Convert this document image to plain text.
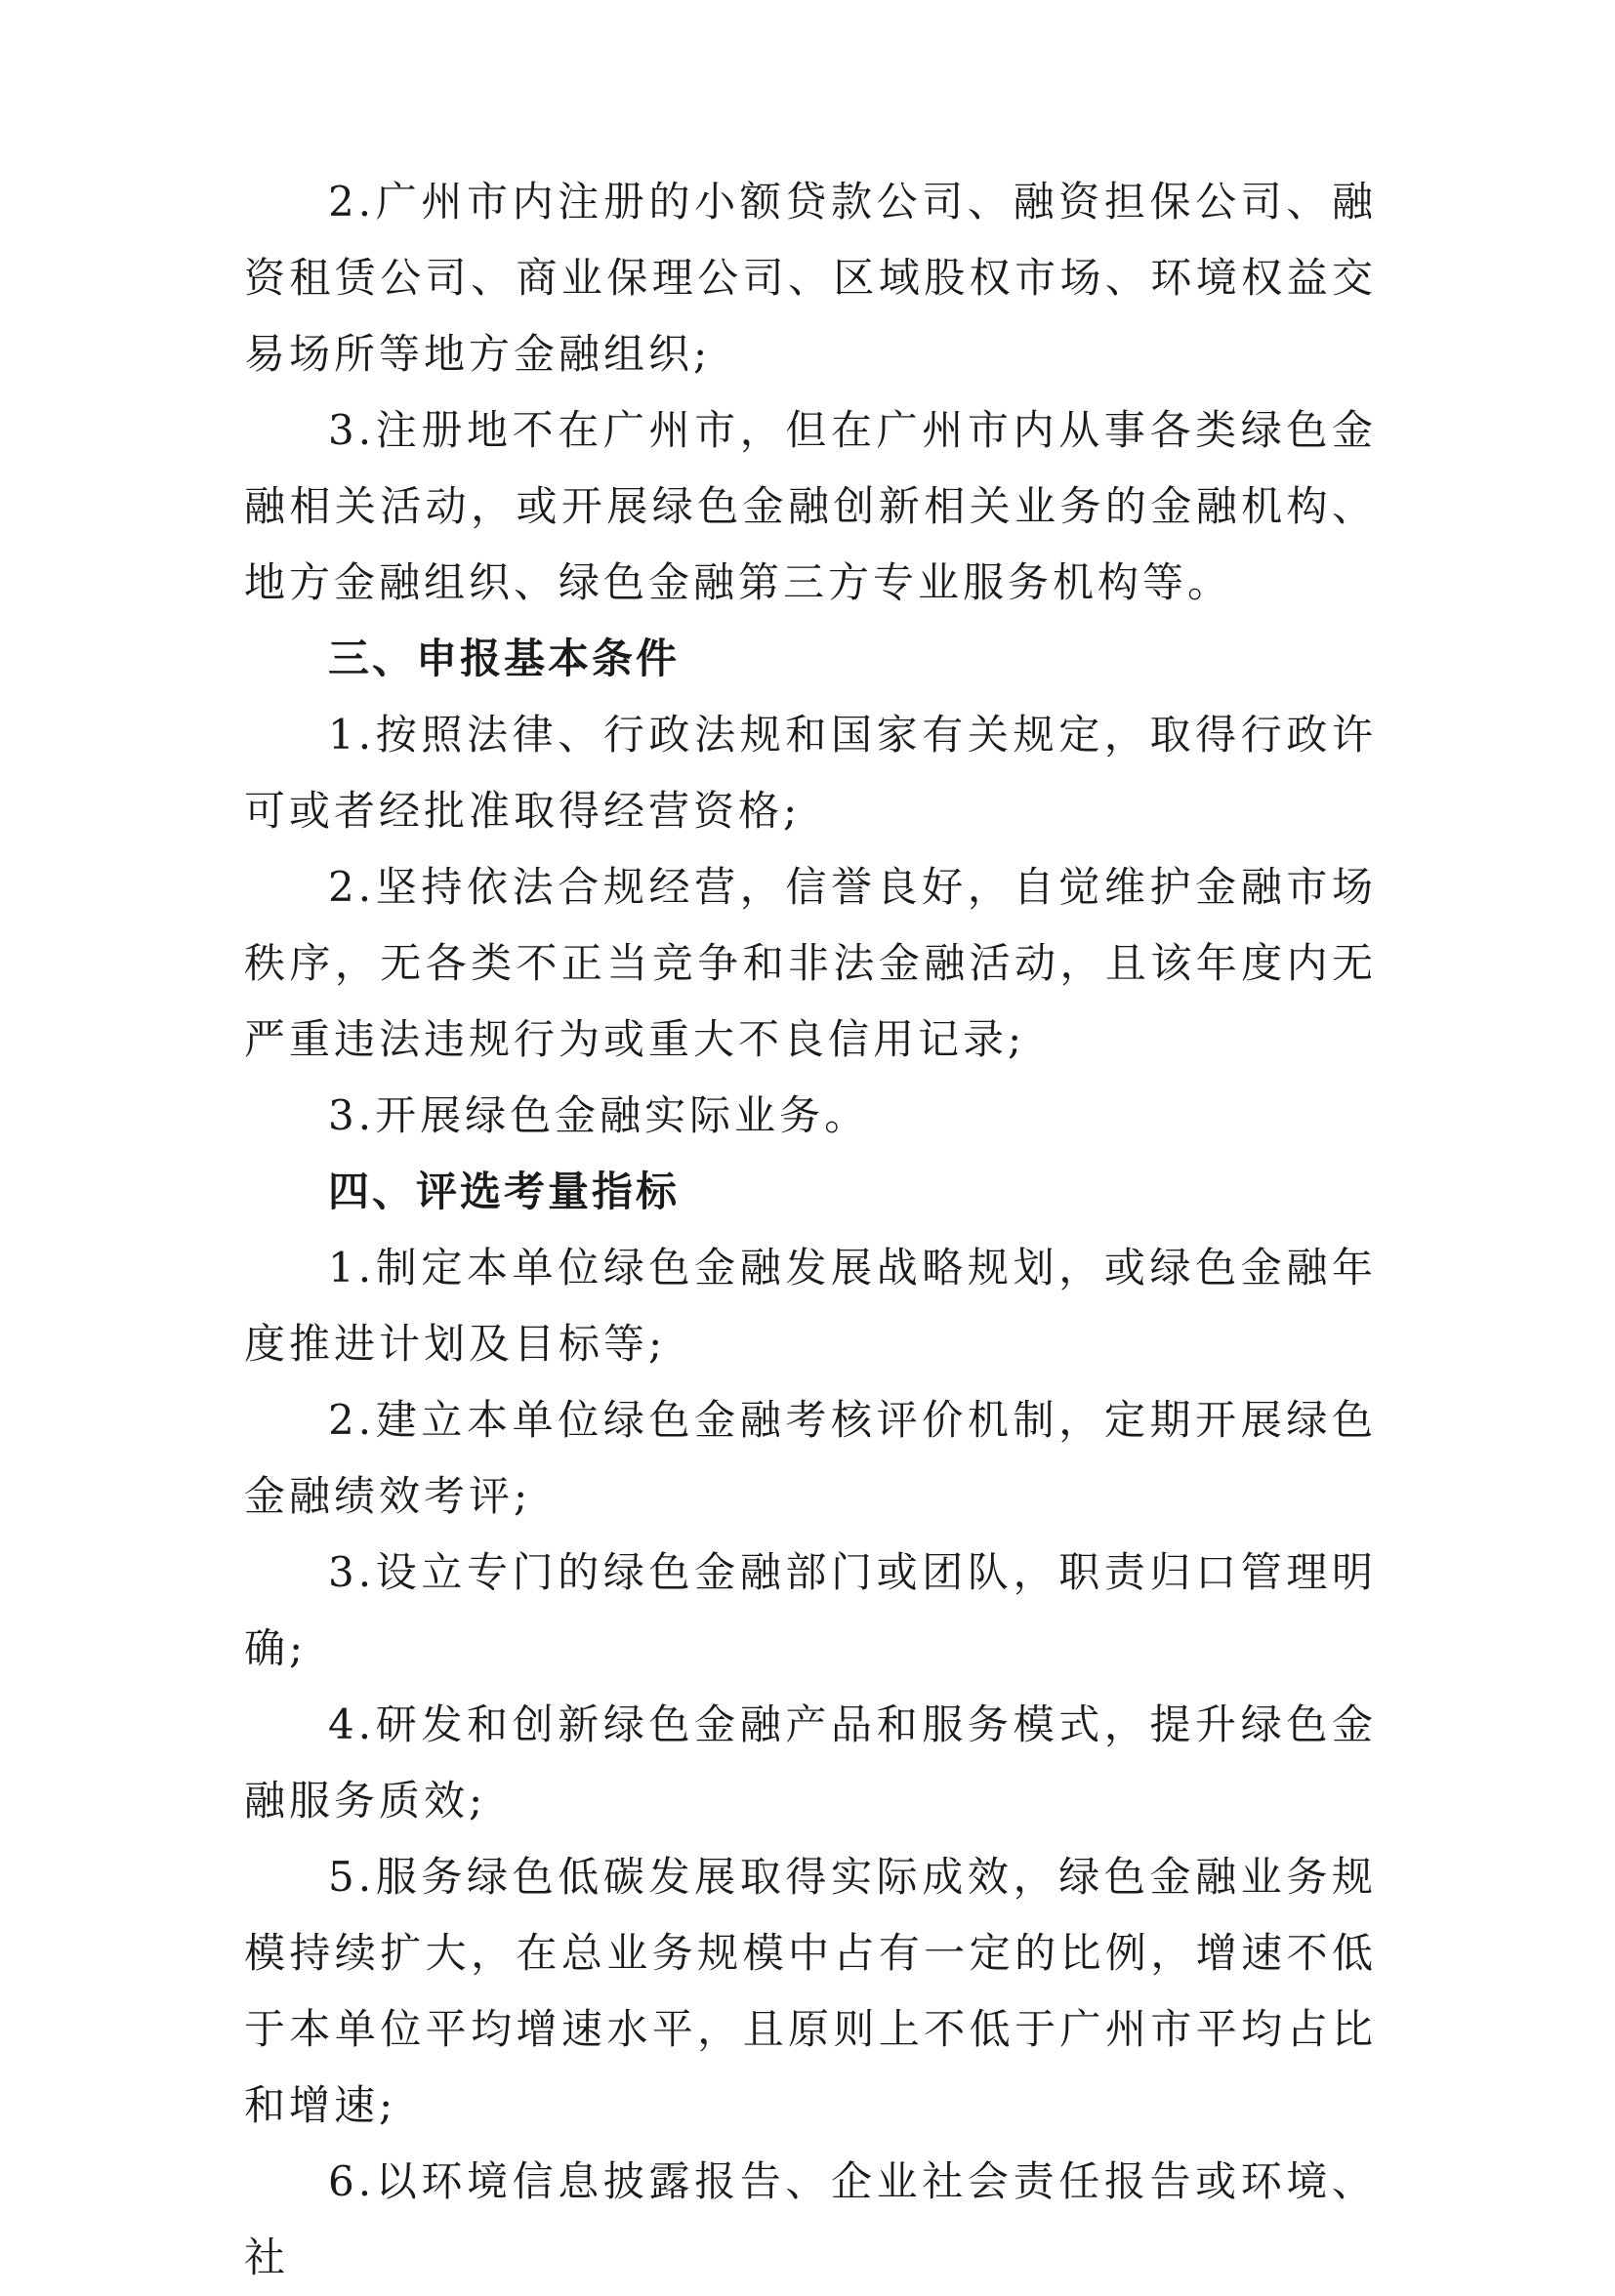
2.广州市内注册的小额贷款公司、融资担保公司、融资租赁公司、商业保理公司、区域股权市场、环境权益交易场所等地方金融组织;

3.注册地不在广州市，但在广州市内从事各类绿色金融相关活动，或开展绿色金融创新相关业务的金融机构、地方金融组织、绿色金融第三方专业服务机构等。

三、申报基本条件

1.按照法律、行政法规和国家有关规定，取得行政许可或者经批准取得经营资格;

2.坚持依法合规经营，信誉良好，自觉维护金融市场秩序，无各类不正当竞争和非法金融活动，且该年度内无严重违法违规行为或重大不良信用记录;

3.开展绿色金融实际业务。

四、评选考量指标

1.制定本单位绿色金融发展战略规划，或绿色金融年度推进计划及目标等;

2.建立本单位绿色金融考核评价机制，定期开展绿色金融绩效考评;

3.设立专门的绿色金融部门或团队，职责归口管理明确;

4.研发和创新绿色金融产品和服务模式，提升绿色金融服务质效;

5.服务绿色低碳发展取得实际成效，绿色金融业务规模持续扩大，在总业务规模中占有一定的比例，增速不低于本单位平均增速水平，且原则上不低于广州市平均占比和增速;

6.以环境信息披露报告、企业社会责任报告或环境、社
